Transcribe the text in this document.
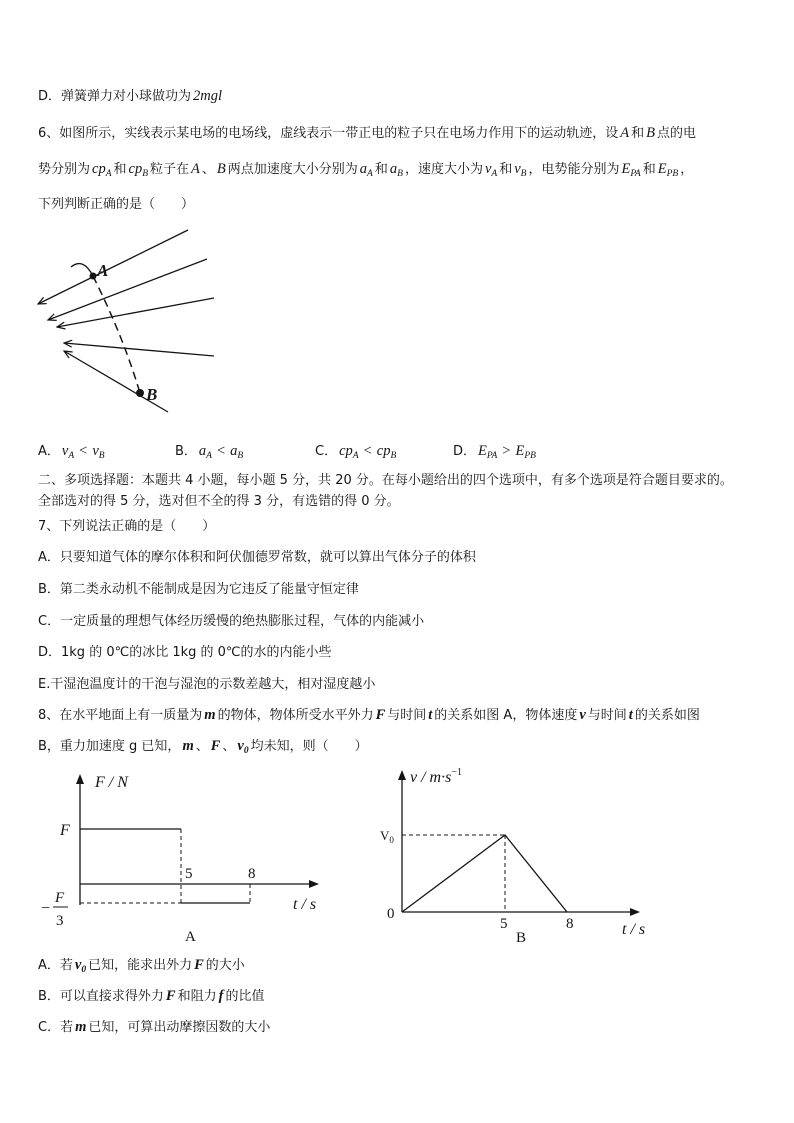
D．弹簧弹力对小球做功为 2mgl
6、如图所示，实线表示某电场的电场线，虚线表示一带正电的粒子只在电场力作用下的运动轨迹，设 A 和 B 点的电
势分别为 $cp_A$ 和 $cp_B$ 粒子在 A 、 B 两点加速度大小分别为 $a_A$ 和 $a_B$ ，速度大小为 $v_A$ 和 $v_B$ ，电势能分别为 $E_{PA}$ 和 $E_{PB}$ ，
下列判断正确的是（　　）
A
B
A． $v_A < v_B$	B． $a_A < a_B$	C． $cp_A < cp_B$	D． $E_{PA} > E_{PB}$
二、多项选择题：本题共 4 小题，每小题 5 分，共 20 分。在每小题给出的四个选项中，有多个选项是符合题目要求的。
全部选对的得 5 分，选对但不全的得 3 分，有选错的得 0 分。
7、下列说法正确的是（　　）
A．只要知道气体的摩尔体积和阿伏伽德罗常数，就可以算出气体分子的体积
B．第二类永动机不能制成是因为它违反了能量守恒定律
C．一定质量的理想气体经历缓慢的绝热膨胀过程，气体的内能减小
D．1kg 的 0℃的冰比 1kg 的 0℃的水的内能小些
E.干湿泡温度计的干泡与湿泡的示数差越大，相对湿度越小
8、在水平地面上有一质量为 m 的物体，物体所受水平外力 F 与时间 t 的关系如图 A，物体速度 v 与时间 t 的关系如图
B，重力加速度 g 已知， m 、 F 、 $v_0$ 均未知，则（　　）
F / N
F
5	8
−
F
3
t / s
A
$v / m\cdot s^{-1}$
$V_0$
0
5	8
B	t / s
A．若 $v_0$ 已知，能求出外力 F 的大小
B．可以直接求得外力 F 和阻力 f 的比值
C．若 m 已知，可算出动摩擦因数的大小
